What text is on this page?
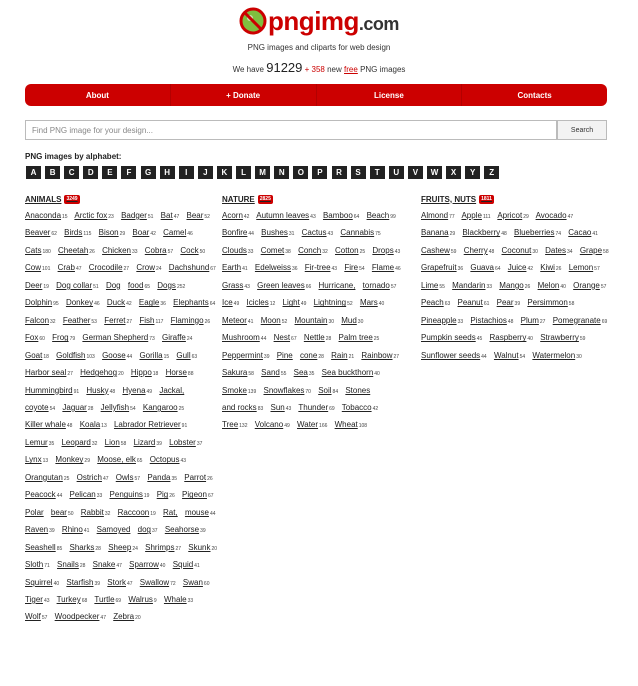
pngimg.com
PNG images and cliparts for web design
We have 91229 + 358 new free PNG images
About	+ Donate	License	Contacts
Find PNG image for your design...
Search
PNG images by alphabet:
A	B	C	D	E	F	G	H	I	J	K	L	M	N	O	P	R	S	T	U	V	W	X	Y	Z
ANIMALS	3249
Anaconda15 Arctic fox23 Badger51 Bat47 Bear52 Beaver62 Birds115 Bison29 Boar42 Camel46 Cats180 Cheetah26 Chicken33 Cobra57 Cock50 Cow101 Crab47 Crocodile27 Crow24 Dachshund67 Deer19 Dog collar51 Dog food65 Dogs252 Dolphin95 Donkey46 Duck42 Eagle36 Elephants64 Falcon32 Feather53 Ferret27 Fish117 Flamingo26 Fox60 Frog79 German Shepherd73 Giraffe24 Goat18 Goldfish103 Goose44 Gorilla15 Gull63 Harbor seal27 Hedgehog20 Hippo18 Horse88 Hummingbird91 Husky48 Hyena49 Jackal, coyote54 Jaguar28 Jellyfish54 Kangaroo25 Killer whale48 Koala13 Labrador Retriever91 Lemur35 Leopard32 Lion58 Lizard39 Lobster37 Lynx13 Monkey29 Moose, elk65 Octopus43 Orangutan25 Ostrich47 Owls57 Panda35 Parrot26 Peacock44 Pelican33 Penguins19 Pig26 Pigeon67 Polar bear50 Rabbit32 Raccoon19 Rat, mouse44 Raven39 Rhino41 Samoyed dog37 Seahorse39 Seashell85 Sharks28 Sheep24 Shrimps27 Skunk20 Sloth71 Snails28 Snake47 Sparrow40 Squid41 Squirrel40 Starfish39 Stork47 Swallow72 Swan60 Tiger43 Turkey68 Turtle69 Walrus9 Whale33 Wolf57 Woodpecker47 Zebra20
NATURE	2825
Acorn42 Autumn leaves43 Bamboo64 Beach99 Bonfire44 Bushes31 Cactus43 Cannabis75 Clouds33 Comet38 Conch32 Cotton25 Drops43 Earth41 Edelweiss36 Fir-tree43 Fire54 Flame46 Grass43 Green leaves66 Hurricane, tornado57 Ice49 Icicles12 Light49 Lightning52 Mars40 Meteor41 Moon52 Mountain30 Mud30 Mushroom44 Nest67 Nettle28 Palm tree25 Peppermint39 Pine cone28 Rain21 Rainbow27 Sakura58 Sand55 Sea35 Sea buckthorn40 Smoke139 Snowflakes70 Soil84 Stones and rocks83 Sun43 Thunder69 Tobacco42 Tree132 Volcano49 Water166 Wheat108
FRUITS, NUTS	1811
Almond77 Apple111 Apricot29 Avocado47 Banana29 Blackberry48 Blueberries74 Cacao41 Cashew59 Cherry48 Coconut30 Dates34 Grape58 Grapefruit36 Guava64 Juice42 Kiwi26 Lemon57 Lime55 Mandarin33 Mango26 Melon40 Orange57 Peach63 Peanut61 Pear39 Persimmon58 Pineapple33 Pistachios48 Plum27 Pomegranate69 Pumpkin seeds45 Raspberry40 Strawberry59 Sunflower seeds44 Walnut54 Watermelon30
